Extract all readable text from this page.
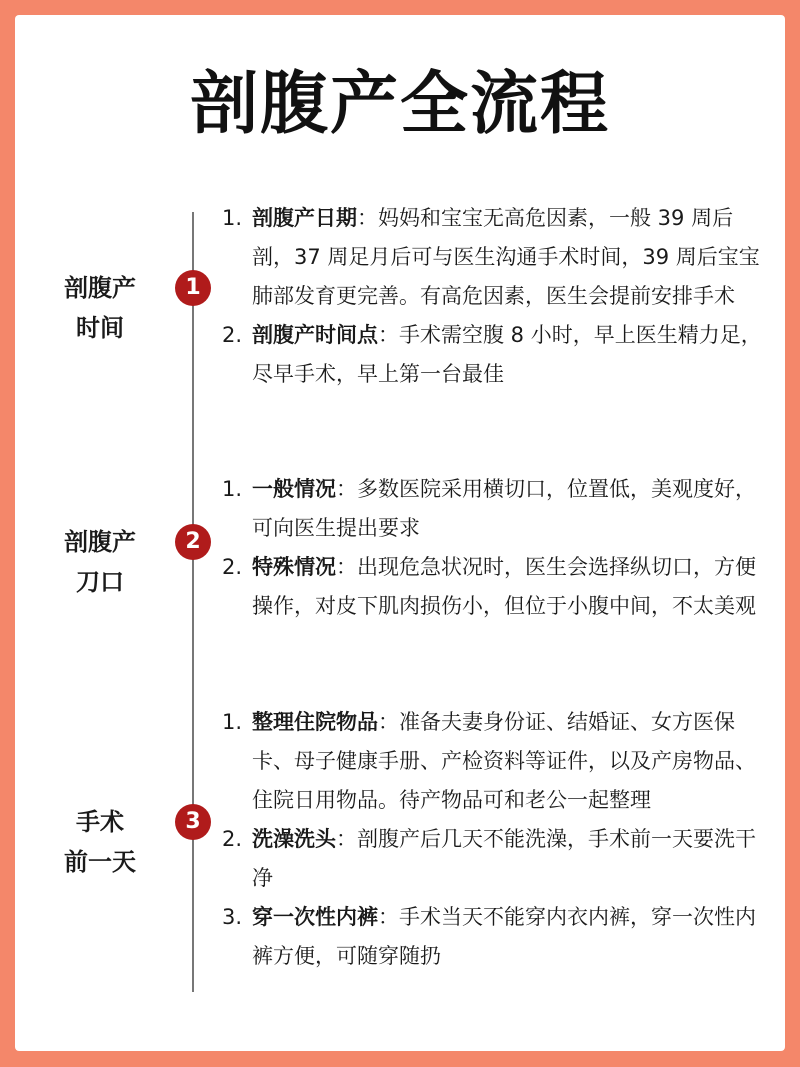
剖腹产全流程
剖腹产
时间
1
1. 剖腹产日期：妈妈和宝宝无高危因素，一般 39 周后剖，37 周足月后可与医生沟通手术时间，39 周后宝宝肺部发育更完善。有高危因素，医生会提前安排手术
2. 剖腹产时间点：手术需空腹 8 小时，早上医生精力足，尽早手术，早上第一台最佳
剖腹产
刀口
2
1. 一般情况：多数医院采用横切口，位置低，美观度好，可向医生提出要求
2. 特殊情况：出现危急状况时，医生会选择纵切口，方便操作，对皮下肌肉损伤小，但位于小腹中间，不太美观
手术
前一天
3
1. 整理住院物品：准备夫妻身份证、结婚证、女方医保卡、母子健康手册、产检资料等证件，以及产房物品、住院日用物品。待产物品可和老公一起整理
2. 洗澡洗头：剖腹产后几天不能洗澡，手术前一天要洗干净
3. 穿一次性内裤：手术当天不能穿内衣内裤，穿一次性内裤方便，可随穿随扔
